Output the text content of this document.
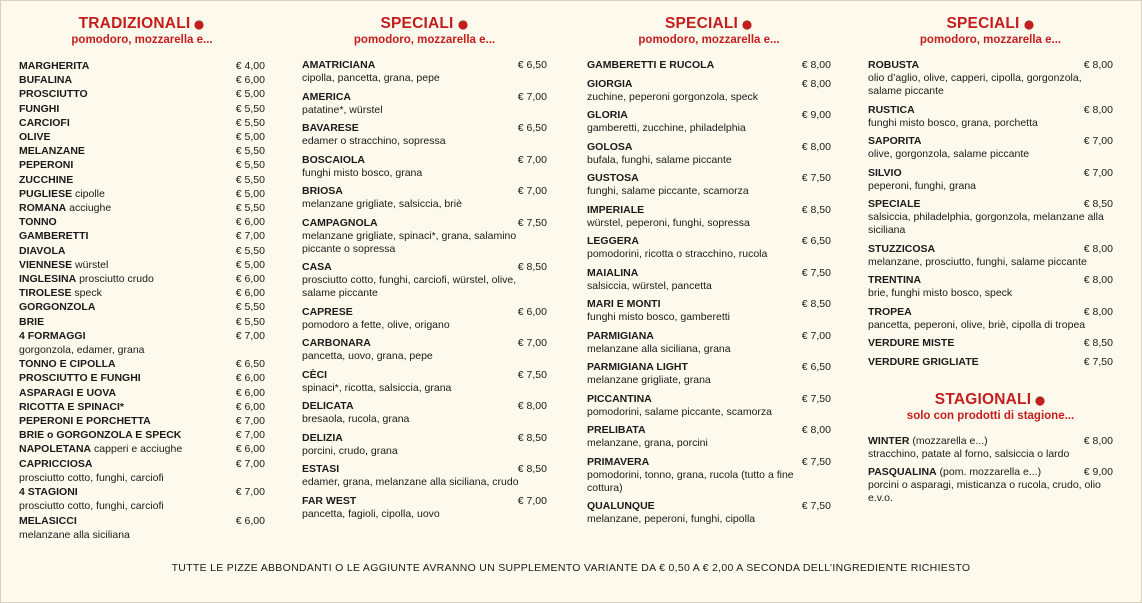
TRADIZIONALI
pomodoro, mozzarella e...
MARGHERITA	€ 4,00
BUFALINA	€ 6,00
PROSCIUTTO	€ 5,00
FUNGHI	€ 5,50
CARCIOFI	€ 5,50
OLIVE	€ 5,00
MELANZANE	€ 5,50
PEPERONI	€ 5,50
ZUCCHINE	€ 5,50
PUGLIESE cipolle	€ 5,00
ROMANA acciughe	€ 5,50
TONNO	€ 6,00
GAMBERETTI	€ 7,00
DIAVOLA	€ 5,50
VIENNESE würstel	€ 5,00
INGLESINA prosciutto crudo	€ 6,00
TIROLESE speck	€ 6,00
GORGONZOLA	€ 5,50
BRIE	€ 5,50
4 FORMAGGI	€ 7,00
gorgonzola, edamer, grana
TONNO E CIPOLLA	€ 6,50
PROSCIUTTO E FUNGHI	€ 6,00
ASPARAGI E UOVA	€ 6,00
RICOTTA E SPINACI*	€ 6,00
PEPERONI E PORCHETTA	€ 7,00
BRIE o GORGONZOLA E SPECK	€ 7,00
NAPOLETANA capperi e acciughe	€ 6,00
CAPRICCIOSA	€ 7,00
prosciutto cotto, funghi, carciofi
4 STAGIONI	€ 7,00
prosciutto cotto, funghi, carciofi
MELASICCI	€ 6,00
melanzane alla siciliana
SPECIALI
pomodoro, mozzarella e...
AMATRICIANA	€ 6,50
cipolla, pancetta, grana, pepe
AMERICA	€ 7,00
patatine*, würstel
BAVARESE	€ 6,50
edamer o stracchino, sopressa
BOSCAIOLA	€ 7,00
funghi misto bosco, grana
BRIOSA	€ 7,00
melanzane grigliate, salsiccia, briè
CAMPAGNOLA	€ 7,50
melanzane grigliate, spinaci*, grana, salamino piccante o sopressa
CASA	€ 8,50
prosciutto cotto, funghi, carciofi, würstel, olive, salame piccante
CAPRESE	€ 6,00
pomodoro a fette, olive, origano
CARBONARA	€ 7,00
pancetta, uovo, grana, pepe
CÈCI	€ 7,50
spinaci*, ricotta, salsiccia, grana
DELICATA	€ 8,00
bresaola, rucola, grana
DELIZIA	€ 8,50
porcini, crudo, grana
ESTASI	€ 8,50
edamer, grana, melanzane alla siciliana, crudo
FAR WEST	€ 7,00
pancetta, fagioli, cipolla, uovo
SPECIALI
pomodoro, mozzarella e...
GAMBERETTI E RUCOLA	€ 8,00
GIORGIA	€ 8,00
zuchine, peperoni gorgonzola, speck
GLORIA	€ 9,00
gamberetti, zucchine, philadelphia
GOLOSA	€ 8,00
bufala, funghi, salame piccante
GUSTOSA	€ 7,50
funghi, salame piccante, scamorza
IMPERIALE	€ 8,50
würstel, peperoni, funghi, sopressa
LEGGERA	€ 6,50
pomodorini, ricotta o stracchino, rucola
MAIALINA	€ 7,50
salsiccia, würstel, pancetta
MARI E MONTI	€ 8,50
funghi misto bosco, gamberetti
PARMIGIANA	€ 7,00
melanzane alla siciliana, grana
PARMIGIANA LIGHT	€ 6,50
melanzane grigliate, grana
PICCANTINA	€ 7,50
pomodorini, salame piccante, scamorza
PRELIBATA	€ 8,00
melanzane, grana, porcini
PRIMAVERA	€ 7,50
pomodorini, tonno, grana, rucola (tutto a fine cottura)
QUALUNQUE	€ 7,50
melanzane, peperoni, funghi, cipolla
SPECIALI
pomodoro, mozzarella e...
ROBUSTA	€ 8,00
olio d’aglio, olive, capperi, cipolla, gorgonzola, salame piccante
RUSTICA	€ 8,00
funghi misto bosco, grana, porchetta
SAPORITA	€ 7,00
olive, gorgonzola, salame piccante
SILVIO	€ 7,00
peperoni, funghi, grana
SPECIALE	€ 8,50
salsiccia, philadelphia, gorgonzola, melanzane alla siciliana
STUZZICOSA	€ 8,00
melanzane, prosciutto, funghi, salame piccante
TRENTINA	€ 8,00
brie, funghi misto bosco, speck
TROPEA	€ 8,00
pancetta, peperoni, olive, briè, cipolla di tropea
VERDURE MISTE	€ 8,50
VERDURE GRIGLIATE	€ 7,50
STAGIONALI
solo con prodotti di stagione...
WINTER (mozzarella e...)	€ 8,00
stracchino, patate al forno, salsiccia o lardo
PASQUALINA (pom. mozzarella e...)	€ 9,00
porcini o asparagi, misticanza o rucola, crudo, olio e.v.o.
TUTTE LE PIZZE ABBONDANTI O LE AGGIUNTE AVRANNO UN SUPPLEMENTO VARIANTE DA € 0,50 A € 2,00 A SECONDA DELL’INGREDIENTE RICHIESTO
